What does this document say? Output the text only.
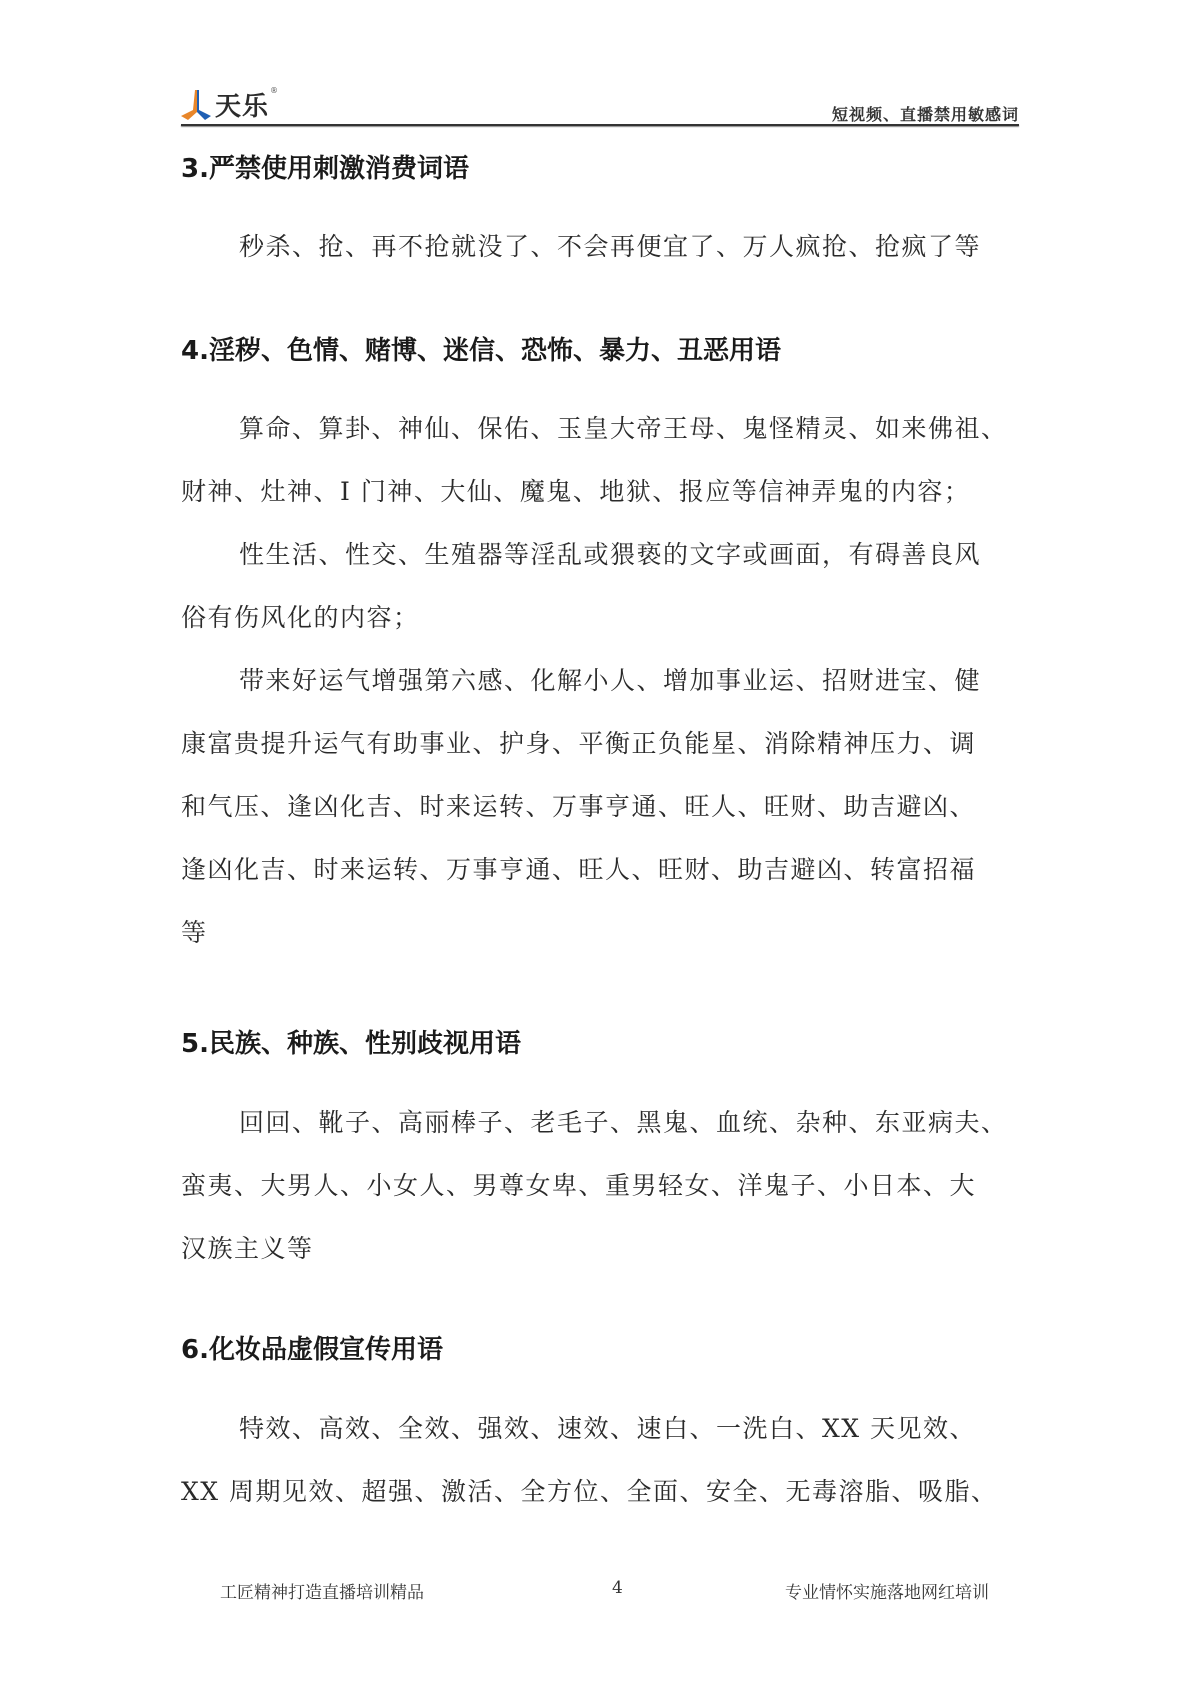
天乐
®
短视频、直播禁用敏感词
3.严禁使用刺激消费词语
秒杀、抢、再不抢就没了、不会再便宜了、万人疯抢、抢疯了等
4.淫秽、色情、赌博、迷信、恐怖、暴力、丑恶用语
算命、算卦、神仙、保佑、玉皇大帝王母、鬼怪精灵、如来佛祖、
财神、灶神、I 门神、大仙、魔鬼、地狱、报应等信神弄鬼的内容；
性生活、性交、生殖器等淫乱或猥亵的文字或画面，有碍善良风
俗有伤风化的内容；
带来好运气增强第六感、化解小人、增加事业运、招财进宝、健
康富贵提升运气有助事业、护身、平衡正负能星、消除精神压力、调
和气压、逢凶化吉、时来运转、万事亨通、旺人、旺财、助吉避凶、
逢凶化吉、时来运转、万事亨通、旺人、旺财、助吉避凶、转富招福
等
5.民族、种族、性别歧视用语
回回、靴子、高丽棒子、老毛子、黑鬼、血统、杂种、东亚病夫、
蛮夷、大男人、小女人、男尊女卑、重男轻女、洋鬼子、小日本、大
汉族主义等
6.化妆品虚假宣传用语
特效、高效、全效、强效、速效、速白、一洗白、XX 天见效、
XX 周期见效、超强、激活、全方位、全面、安全、无毒溶脂、吸脂、
工匠精神打造直播培训精品	4	专业情怀实施落地网红培训
